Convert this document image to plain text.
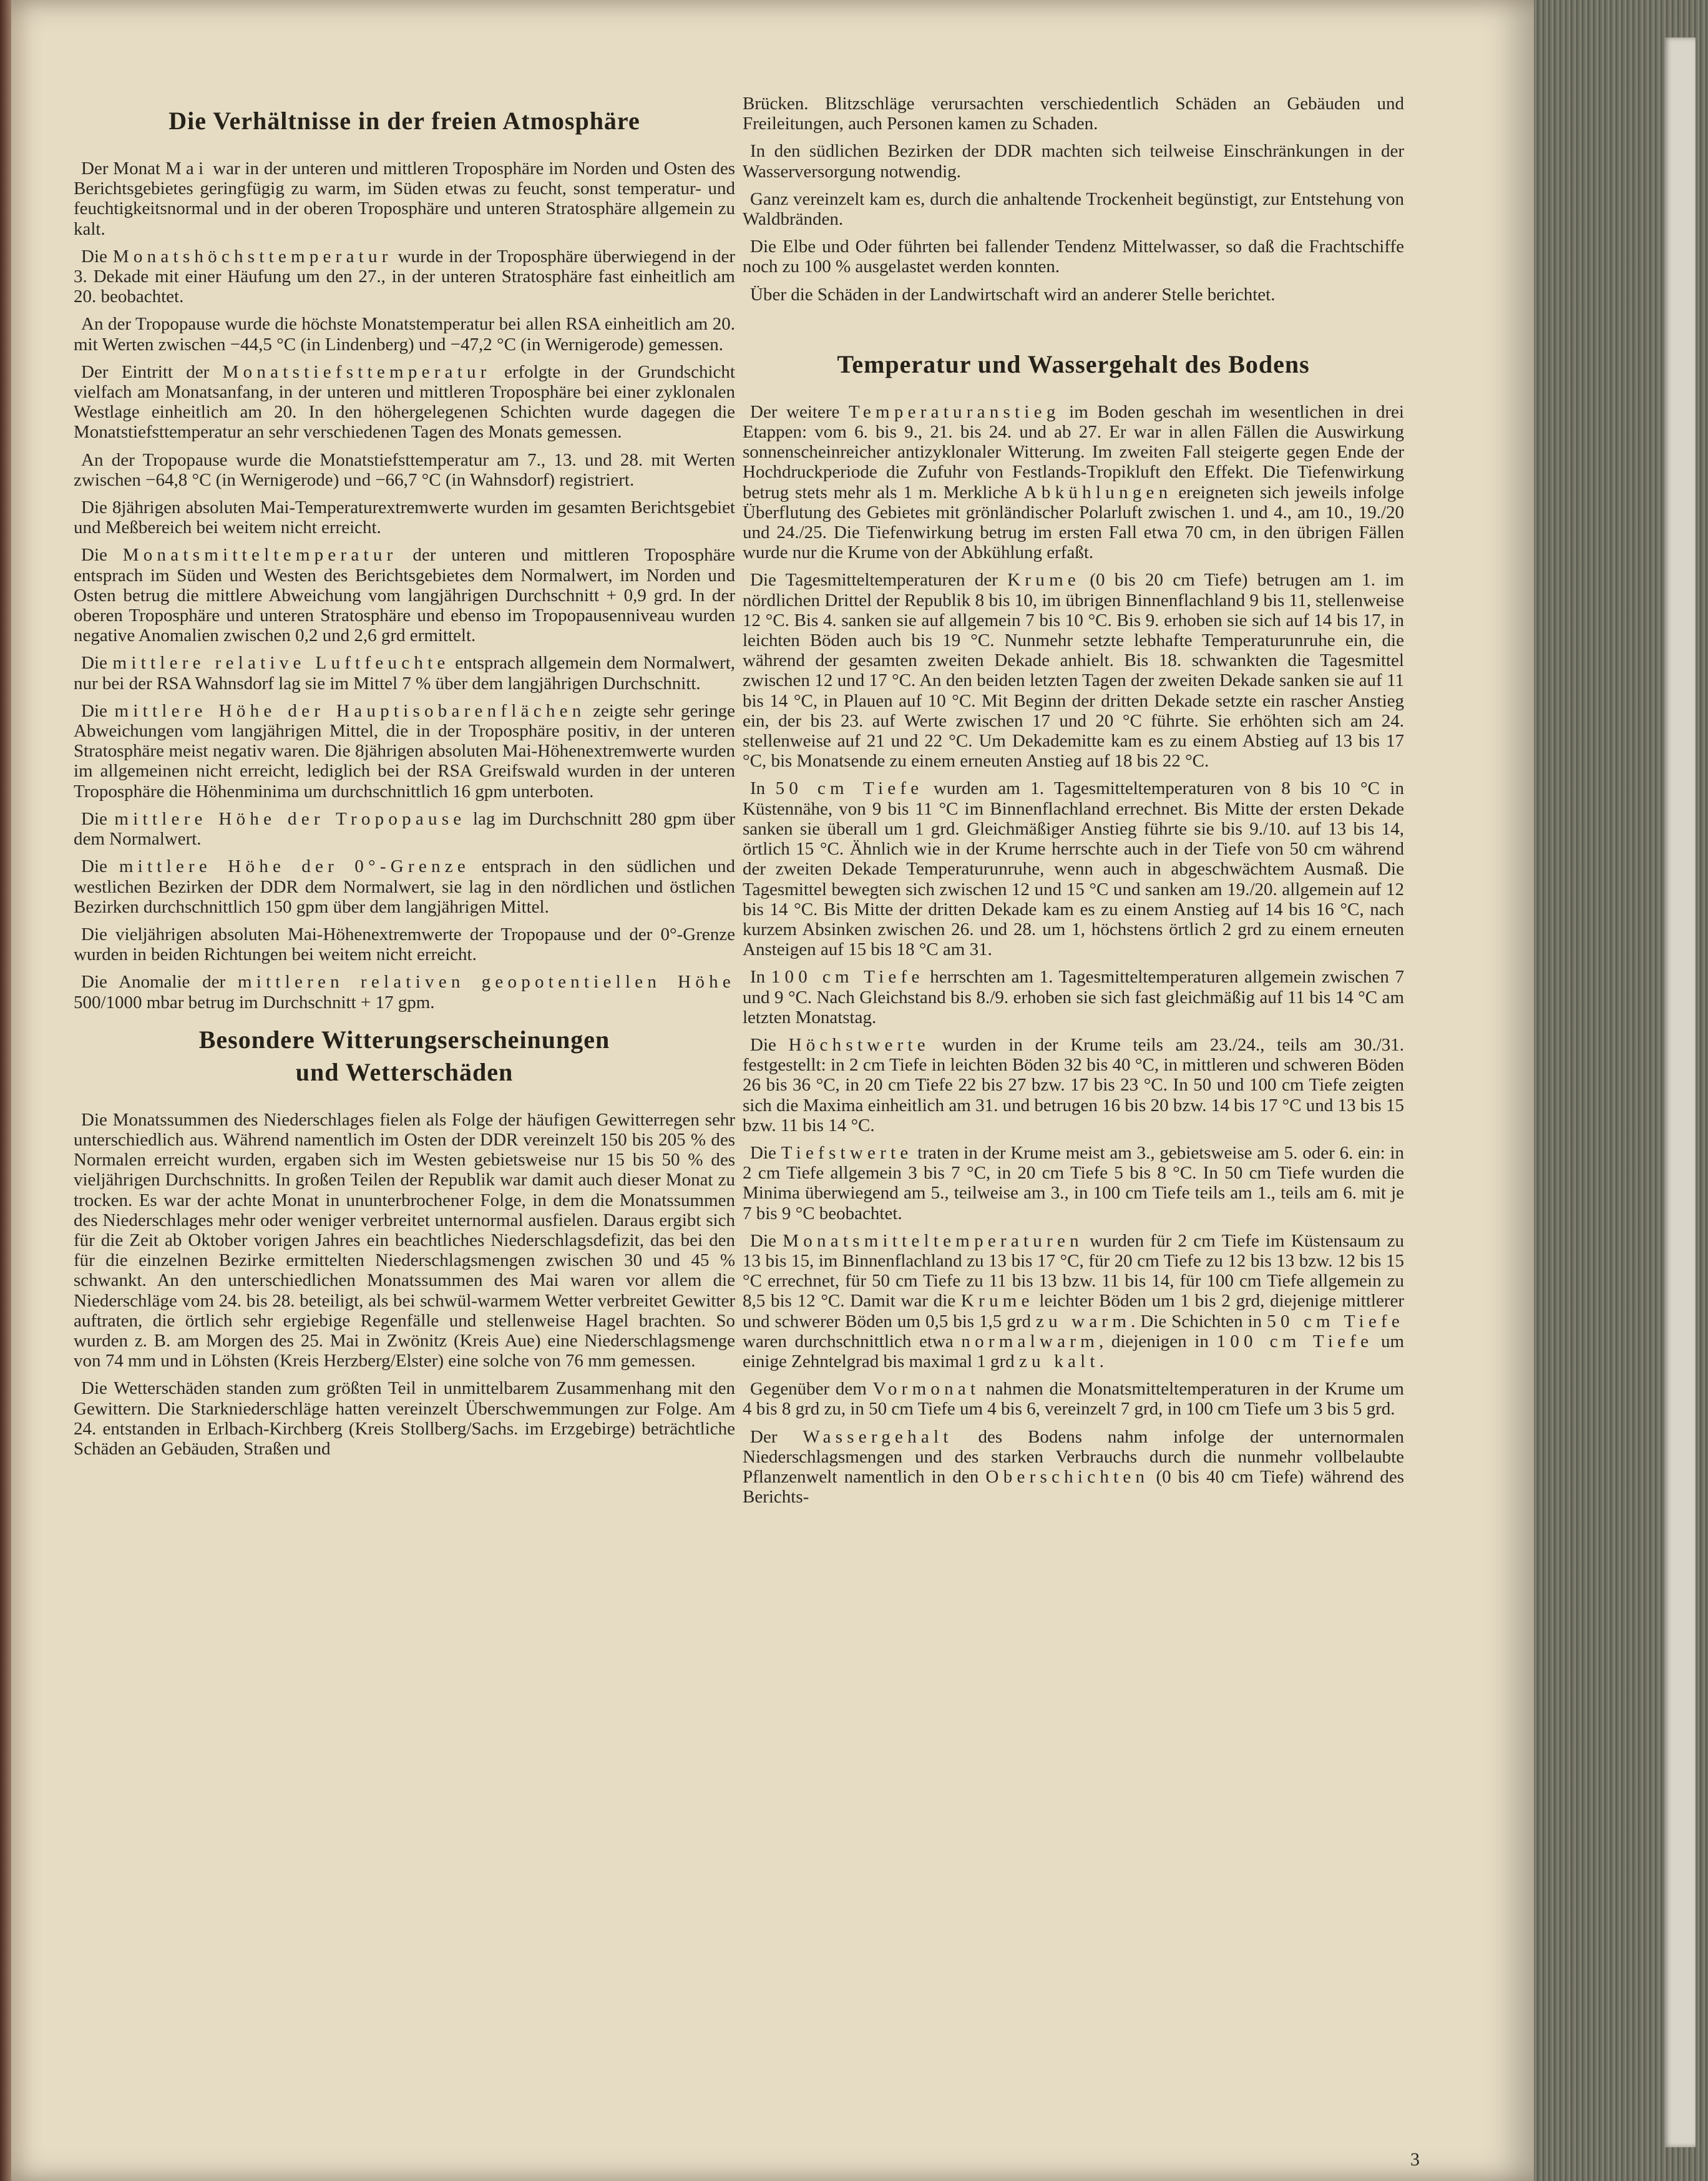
Die Verhältnisse in der freien Atmosphäre

Der Monat Mai war in der unteren und mittleren Troposphäre im Norden und Osten des Berichtsgebietes geringfügig zu warm, im Süden etwas zu feucht, sonst temperatur- und feuchtigkeitsnormal und in der oberen Troposphäre und unteren Stratosphäre allgemein zu kalt.

Die Monatshöchsttemperatur wurde in der Troposphäre überwiegend in der 3. Dekade mit einer Häufung um den 27., in der unteren Stratosphäre fast einheitlich am 20. beobachtet.

An der Tropopause wurde die höchste Monatstemperatur bei allen RSA einheitlich am 20. mit Werten zwischen −44,5 °C (in Lindenberg) und −47,2 °C (in Wernigerode) gemessen.

Der Eintritt der Monatstiefsttemperatur erfolgte in der Grundschicht vielfach am Monatsanfang, in der unteren und mittleren Troposphäre bei einer zyklonalen Westlage einheitlich am 20. In den höhergelegenen Schichten wurde dagegen die Monatstiefsttemperatur an sehr verschiedenen Tagen des Monats gemessen.

An der Tropopause wurde die Monatstiefsttemperatur am 7., 13. und 28. mit Werten zwischen −64,8 °C (in Wernigerode) und −66,7 °C (in Wahnsdorf) registriert.

Die 8jährigen absoluten Mai-Temperaturextremwerte wurden im gesamten Berichtsgebiet und Meßbereich bei weitem nicht erreicht.

Die Monatsmitteltemperatur der unteren und mittleren Troposphäre entsprach im Süden und Westen des Berichtsgebietes dem Normalwert, im Norden und Osten betrug die mittlere Abweichung vom langjährigen Durchschnitt + 0,9 grd. In der oberen Troposphäre und unteren Stratosphäre und ebenso im Tropopausenniveau wurden negative Anomalien zwischen 0,2 und 2,6 grd ermittelt.

Die mittlere relative Luftfeuchte entsprach allgemein dem Normalwert, nur bei der RSA Wahnsdorf lag sie im Mittel 7 % über dem langjährigen Durchschnitt.

Die mittlere Höhe der Hauptisobarenflächen zeigte sehr geringe Abweichungen vom langjährigen Mittel, die in der Troposphäre positiv, in der unteren Stratosphäre meist negativ waren. Die 8jährigen absoluten Mai-Höhenextremwerte wurden im allgemeinen nicht erreicht, lediglich bei der RSA Greifswald wurden in der unteren Troposphäre die Höhenminima um durchschnittlich 16 gpm unterboten.

Die mittlere Höhe der Tropopause lag im Durchschnitt 280 gpm über dem Normalwert.

Die mittlere Höhe der 0°-Grenze entsprach in den südlichen und westlichen Bezirken der DDR dem Normalwert, sie lag in den nördlichen und östlichen Bezirken durchschnittlich 150 gpm über dem langjährigen Mittel.

Die vieljährigen absoluten Mai-Höhenextremwerte der Tropopause und der 0°-Grenze wurden in beiden Richtungen bei weitem nicht erreicht.

Die Anomalie der mittleren relativen geopotentiellen Höhe 500/1000 mbar betrug im Durchschnitt + 17 gpm.

Besondere Witterungserscheinungen
und Wetterschäden

Die Monatssummen des Niederschlages fielen als Folge der häufigen Gewitterregen sehr unterschiedlich aus. Während namentlich im Osten der DDR vereinzelt 150 bis 205 % des Normalen erreicht wurden, ergaben sich im Westen gebietsweise nur 15 bis 50 % des vieljährigen Durchschnitts. In großen Teilen der Republik war damit auch dieser Monat zu trocken. Es war der achte Monat in ununterbrochener Folge, in dem die Monatssummen des Niederschlages mehr oder weniger verbreitet unternormal ausfielen. Daraus ergibt sich für die Zeit ab Oktober vorigen Jahres ein beachtliches Niederschlagsdefizit, das bei den für die einzelnen Bezirke ermittelten Niederschlagsmengen zwischen 30 und 45 % schwankt. An den unterschiedlichen Monatssummen des Mai waren vor allem die Niederschläge vom 24. bis 28. beteiligt, als bei schwül-warmem Wetter verbreitet Gewitter auftraten, die örtlich sehr ergiebige Regenfälle und stellenweise Hagel brachten. So wurden z. B. am Morgen des 25. Mai in Zwönitz (Kreis Aue) eine Niederschlagsmenge von 74 mm und in Löhsten (Kreis Herzberg/Elster) eine solche von 76 mm gemessen.

Die Wetterschäden standen zum größten Teil in unmittelbarem Zusammenhang mit den Gewittern. Die Starkniederschläge hatten vereinzelt Überschwemmungen zur Folge. Am 24. entstanden in Erlbach-Kirchberg (Kreis Stollberg/Sachs. im Erzgebirge) beträchtliche Schäden an Gebäuden, Straßen und

Brücken. Blitzschläge verursachten verschiedentlich Schäden an Gebäuden und Freileitungen, auch Personen kamen zu Schaden.

In den südlichen Bezirken der DDR machten sich teilweise Einschränkungen in der Wasserversorgung notwendig.

Ganz vereinzelt kam es, durch die anhaltende Trockenheit begünstigt, zur Entstehung von Waldbränden.

Die Elbe und Oder führten bei fallender Tendenz Mittelwasser, so daß die Frachtschiffe noch zu 100 % ausgelastet werden konnten.

Über die Schäden in der Landwirtschaft wird an anderer Stelle berichtet.

Temperatur und Wassergehalt des Bodens

Der weitere Temperaturanstieg im Boden geschah im wesentlichen in drei Etappen: vom 6. bis 9., 21. bis 24. und ab 27. Er war in allen Fällen die Auswirkung sonnenscheinreicher antizyklonaler Witterung. Im zweiten Fall steigerte gegen Ende der Hochdruckperiode die Zufuhr von Festlands-Tropikluft den Effekt. Die Tiefenwirkung betrug stets mehr als 1 m. Merkliche Abkühlungen ereigneten sich jeweils infolge Überflutung des Gebietes mit grönländischer Polarluft zwischen 1. und 4., am 10., 19./20 und 24./25. Die Tiefenwirkung betrug im ersten Fall etwa 70 cm, in den übrigen Fällen wurde nur die Krume von der Abkühlung erfaßt.

Die Tagesmitteltemperaturen der Krume (0 bis 20 cm Tiefe) betrugen am 1. im nördlichen Drittel der Republik 8 bis 10, im übrigen Binnenflachland 9 bis 11, stellenweise 12 °C. Bis 4. sanken sie auf allgemein 7 bis 10 °C. Bis 9. erhoben sie sich auf 14 bis 17, in leichten Böden auch bis 19 °C. Nunmehr setzte lebhafte Temperaturunruhe ein, die während der gesamten zweiten Dekade anhielt. Bis 18. schwankten die Tagesmittel zwischen 12 und 17 °C. An den beiden letzten Tagen der zweiten Dekade sanken sie auf 11 bis 14 °C, in Plauen auf 10 °C. Mit Beginn der dritten Dekade setzte ein rascher Anstieg ein, der bis 23. auf Werte zwischen 17 und 20 °C führte. Sie erhöhten sich am 24. stellenweise auf 21 und 22 °C. Um Dekademitte kam es zu einem Abstieg auf 13 bis 17 °C, bis Monatsende zu einem erneuten Anstieg auf 18 bis 22 °C.

In 50 cm Tiefe wurden am 1. Tagesmitteltemperaturen von 8 bis 10 °C in Küstennähe, von 9 bis 11 °C im Binnenflachland errechnet. Bis Mitte der ersten Dekade sanken sie überall um 1 grd. Gleichmäßiger Anstieg führte sie bis 9./10. auf 13 bis 14, örtlich 15 °C. Ähnlich wie in der Krume herrschte auch in der Tiefe von 50 cm während der zweiten Dekade Temperaturunruhe, wenn auch in abgeschwächtem Ausmaß. Die Tagesmittel bewegten sich zwischen 12 und 15 °C und sanken am 19./20. allgemein auf 12 bis 14 °C. Bis Mitte der dritten Dekade kam es zu einem Anstieg auf 14 bis 16 °C, nach kurzem Absinken zwischen 26. und 28. um 1, höchstens örtlich 2 grd zu einem erneuten Ansteigen auf 15 bis 18 °C am 31.

In 100 cm Tiefe herrschten am 1. Tagesmitteltemperaturen allgemein zwischen 7 und 9 °C. Nach Gleichstand bis 8./9. erhoben sie sich fast gleichmäßig auf 11 bis 14 °C am letzten Monatstag.

Die Höchstwerte wurden in der Krume teils am 23./24., teils am 30./31. festgestellt: in 2 cm Tiefe in leichten Böden 32 bis 40 °C, in mittleren und schweren Böden 26 bis 36 °C, in 20 cm Tiefe 22 bis 27 bzw. 17 bis 23 °C. In 50 und 100 cm Tiefe zeigten sich die Maxima einheitlich am 31. und betrugen 16 bis 20 bzw. 14 bis 17 °C und 13 bis 15 bzw. 11 bis 14 °C.

Die Tiefstwerte traten in der Krume meist am 3., gebietsweise am 5. oder 6. ein: in 2 cm Tiefe allgemein 3 bis 7 °C, in 20 cm Tiefe 5 bis 8 °C. In 50 cm Tiefe wurden die Minima überwiegend am 5., teilweise am 3., in 100 cm Tiefe teils am 1., teils am 6. mit je 7 bis 9 °C beobachtet.

Die Monatsmitteltemperaturen wurden für 2 cm Tiefe im Küstensaum zu 13 bis 15, im Binnenflachland zu 13 bis 17 °C, für 20 cm Tiefe zu 12 bis 13 bzw. 12 bis 15 °C errechnet, für 50 cm Tiefe zu 11 bis 13 bzw. 11 bis 14, für 100 cm Tiefe allgemein zu 8,5 bis 12 °C. Damit war die Krume leichter Böden um 1 bis 2 grd, diejenige mittlerer und schwerer Böden um 0,5 bis 1,5 grd zu warm. Die Schichten in 50 cm Tiefe waren durchschnittlich etwa normalwarm, diejenigen in 100 cm Tiefe um einige Zehntelgrad bis maximal 1 grd zu kalt.

Gegenüber dem Vormonat nahmen die Monatsmitteltemperaturen in der Krume um 4 bis 8 grd zu, in 50 cm Tiefe um 4 bis 6, vereinzelt 7 grd, in 100 cm Tiefe um 3 bis 5 grd.

Der Wassergehalt des Bodens nahm infolge der unternormalen Niederschlagsmengen und des starken Verbrauchs durch die nunmehr vollbelaubte Pflanzenwelt namentlich in den Oberschichten (0 bis 40 cm Tiefe) während des Berichts-

3
